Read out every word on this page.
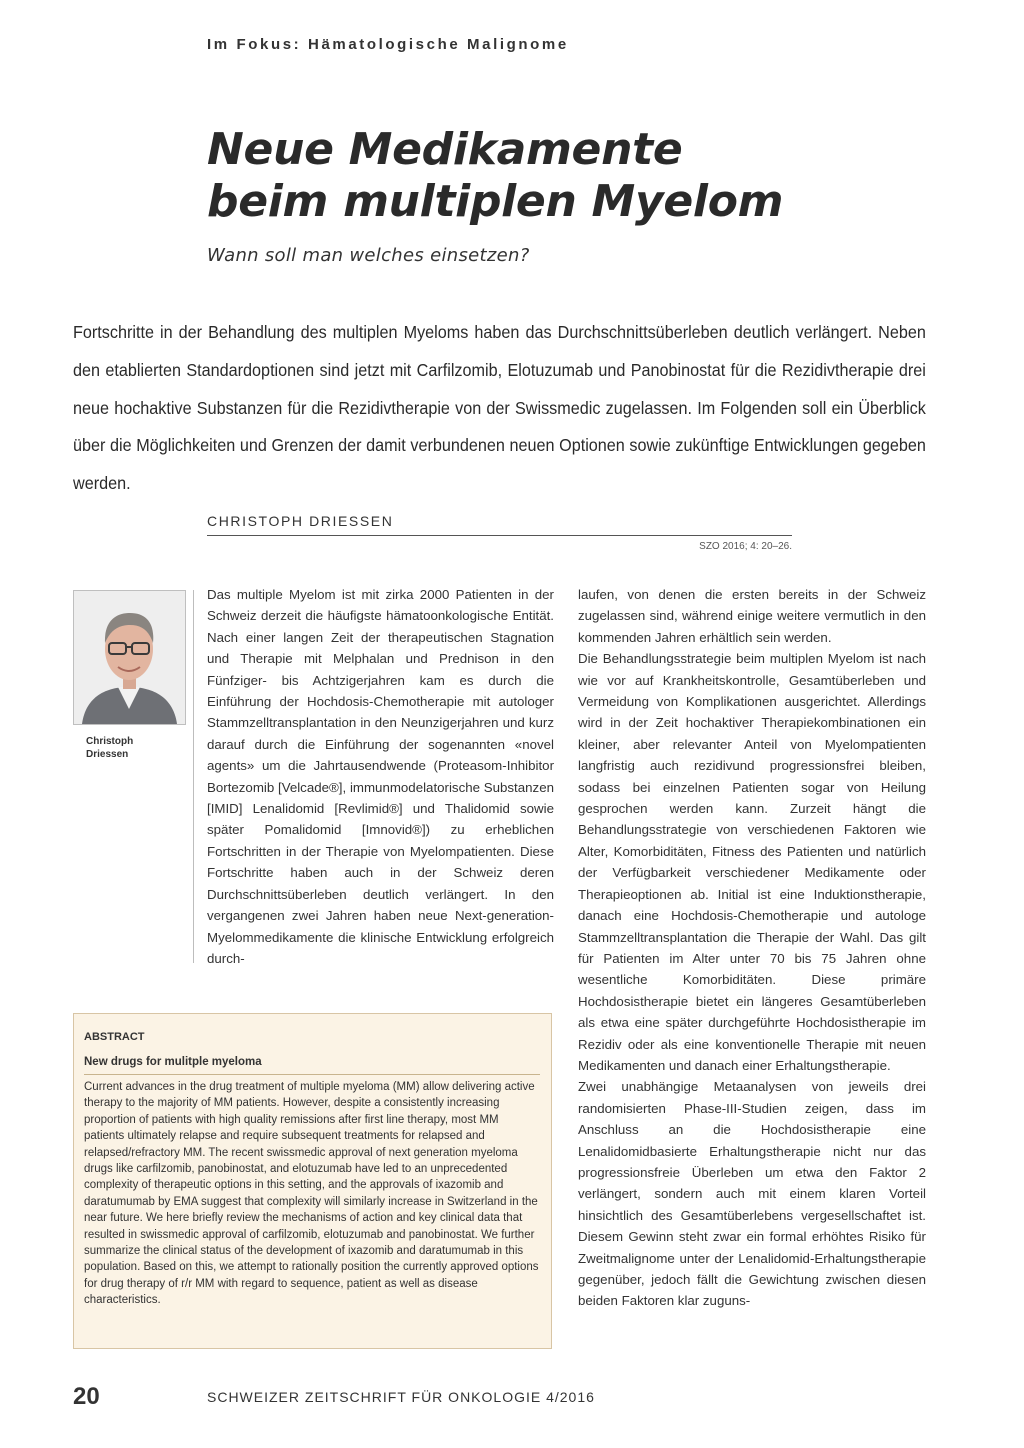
Im Fokus: Hämatologische Malignome
Neue Medikamente
beim multiplen Myelom
Wann soll man welches einsetzen?

Fortschritte in der Behandlung des multiplen Myeloms haben das Durchschnittsüberleben deutlich verlängert. Neben den etablierten Standardoptionen sind jetzt mit Carfilzomib, Elotuzumab und Panobinostat für die Rezidivtherapie drei neue hochaktive Substanzen für die Rezidivtherapie von der Swissmedic zugelassen. Im Folgenden soll ein Überblick über die Möglichkeiten und Grenzen der damit verbundenen neuen Optionen sowie zukünftige Entwicklungen gegeben werden.

CHRISTOPH DRIESSEN
SZO 2016; 4: 20–26.
Christoph
Driessen

Das multiple Myelom ist mit zirka 2000 Patienten in der Schweiz derzeit die häufigste hämatoonkologische Entität. Nach einer langen Zeit der therapeutischen Stagnation und Therapie mit Melphalan und Prednison in den Fünfziger- bis Achtzigerjahren kam es durch die Einführung der Hochdosis-Chemotherapie mit autologer Stammzelltransplantation in den Neunzigerjahren und kurz darauf durch die Einführung der sogenannten «novel agents» um die Jahrtausendwende (Proteasom-Inhibitor Bortezomib [Velcade®], immunmodelatorische Substanzen [IMID] Lenalidomid [Revlimid®] und Thalidomid sowie später Pomalidomid [Imnovid®]) zu erheblichen Fortschritten in der Therapie von Myelompatienten. Diese Fortschritte haben auch in der Schweiz deren Durchschnittsüberleben deutlich verlängert. In den vergangenen zwei Jahren haben neue Next-generation-Myelommedikamente die klinische Entwicklung erfolgreich durch-

laufen, von denen die ersten bereits in der Schweiz zugelassen sind, während einige weitere vermutlich in den kommenden Jahren erhältlich sein werden.

Die Behandlungsstrategie beim multiplen Myelom ist nach wie vor auf Krankheitskontrolle, Gesamtüberleben und Vermeidung von Komplikationen ausgerichtet. Allerdings wird in der Zeit hochaktiver Therapiekombinationen ein kleiner, aber relevanter Anteil von Myelompatienten langfristig auch rezidivund progressionsfrei bleiben, sodass bei einzelnen Patienten sogar von Heilung gesprochen werden kann. Zurzeit hängt die Behandlungsstrategie von verschiedenen Faktoren wie Alter, Komorbiditäten, Fitness des Patienten und natürlich der Verfügbarkeit verschiedener Medikamente oder Therapieoptionen ab. Initial ist eine Induktionstherapie, danach eine Hochdosis-Chemotherapie und autologe Stammzelltransplantation die Therapie der Wahl. Das gilt für Patienten im Alter unter 70 bis 75 Jahren ohne wesentliche Komorbiditäten. Diese primäre Hochdosistherapie bietet ein längeres Gesamtüberleben als etwa eine später durchgeführte Hochdosistherapie im Rezidiv oder als eine konventionelle Therapie mit neuen Medikamenten und danach einer Erhaltungstherapie.

Zwei unabhängige Metaanalysen von jeweils drei randomisierten Phase-III-Studien zeigen, dass im Anschluss an die Hochdosistherapie eine Lenalidomidbasierte Erhaltungstherapie nicht nur das progressionsfreie Überleben um etwa den Faktor 2 verlängert, sondern auch mit einem klaren Vorteil hinsichtlich des Gesamtüberlebens vergesellschaftet ist. Diesem Gewinn steht zwar ein formal erhöhtes Risiko für Zweitmalignome unter der Lenalidomid-Erhaltungstherapie gegenüber, jedoch fällt die Gewichtung zwischen diesen beiden Faktoren klar zuguns-

ABSTRACT
New drugs for mulitple myeloma

Current advances in the drug treatment of multiple myeloma (MM) allow delivering active therapy to the majority of MM patients. However, despite a consistently increasing proportion of patients with high quality remissions after first line therapy, most MM patients ultimately relapse and require subsequent treatments for relapsed and relapsed/refractory MM. The recent swissmedic approval of next generation myeloma drugs like carfilzomib, panobinostat, and elotuzumab have led to an unprecedented complexity of therapeutic options in this setting, and the approvals of ixazomib and daratumumab by EMA suggest that complexity will similarly increase in Switzerland in the near future. We here briefly review the mechanisms of action and key clinical data that resulted in swissmedic approval of carfilzomib, elotuzumab and panobinostat. We further summarize the clinical status of the development of ixazomib and daratumumab in this population. Based on this, we attempt to rationally position the currently approved options for drug therapy of r/r MM with regard to sequence, patient as well as disease characteristics.

20	SCHWEIZER ZEITSCHRIFT FÜR ONKOLOGIE 4/2016
